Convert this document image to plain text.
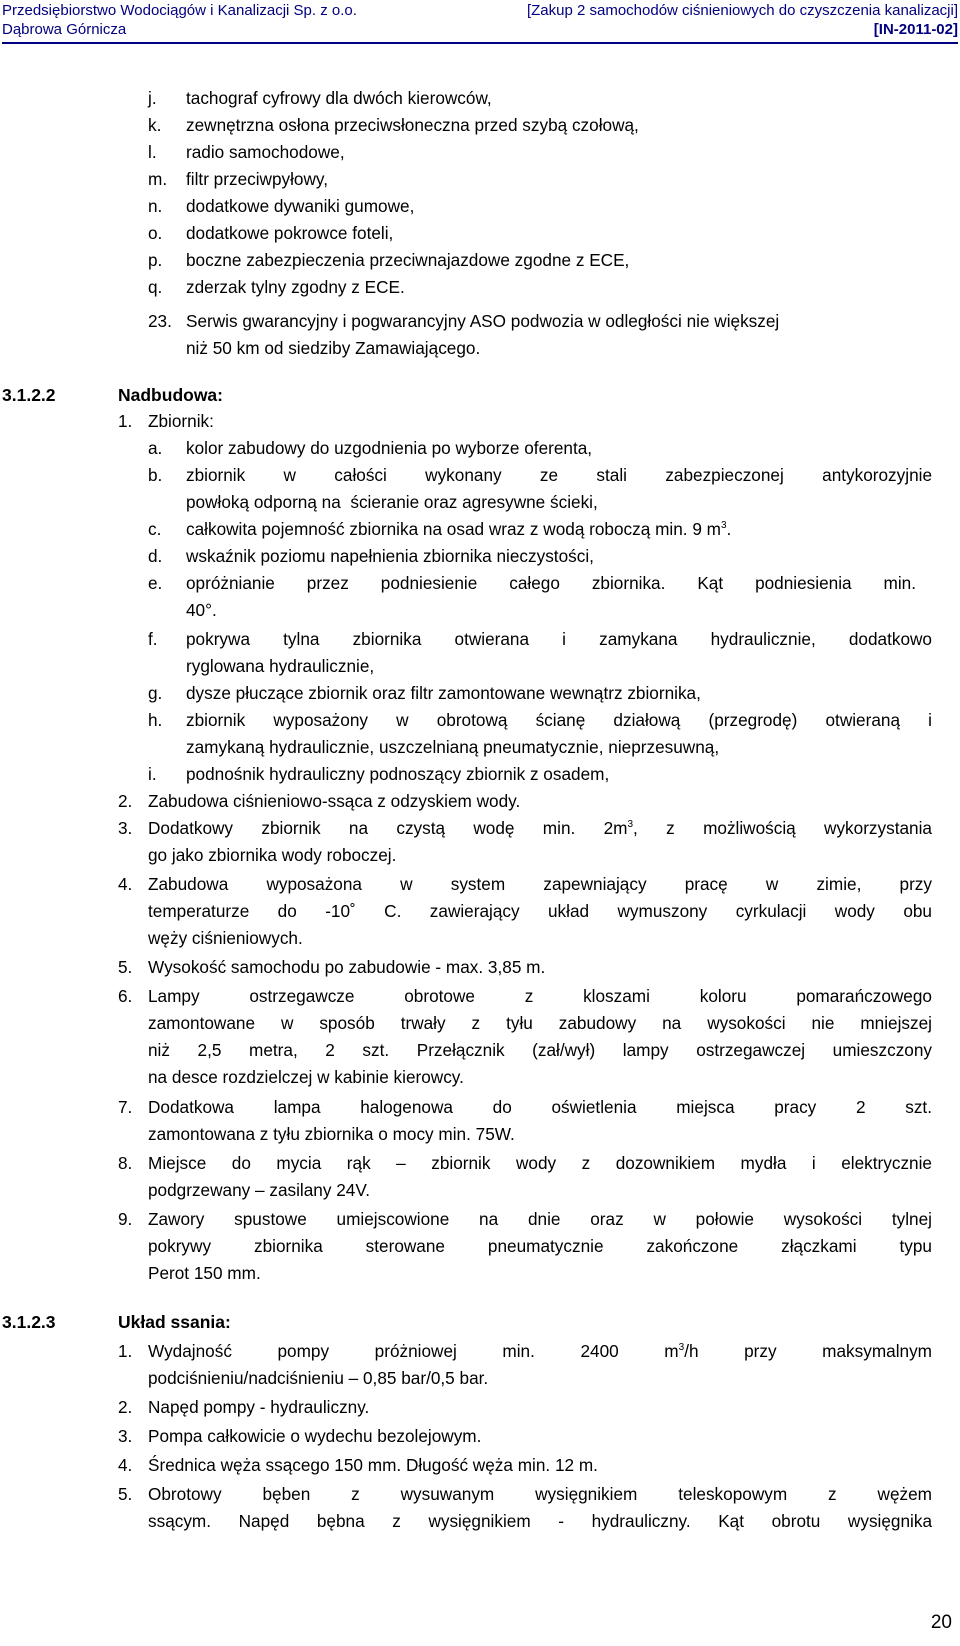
Przedsiębiorstwo Wodociągów i Kanalizacji Sp. z o.o.
Dąbrowa Górnicza
[Zakup 2 samochodów ciśnieniowych do czyszczenia kanalizacji]
[IN-2011-02]
j. tachograf cyfrowy dla dwóch kierowców,
k. zewnętrzna osłona przeciwsłoneczna przed szybą czołową,
l. radio samochodowe,
m. filtr przeciwpyłowy,
n. dodatkowe dywaniki gumowe,
o. dodatkowe pokrowce foteli,
p. boczne zabezpieczenia przeciwnajazdowe zgodne z ECE,
q. zderzak tylny zgodny z ECE.
23. Serwis gwarancyjny i pogwarancyjny ASO podwozia w odległości nie większej
niż 50 km od siedziby Zamawiającego.
3.1.2.2	Nadbudowa:
1. Zbiornik:
a. kolor zabudowy do uzgodnienia po wyborze oferenta,
b. zbiornik w całości wykonany ze stali zabezpieczonej antykorozyjnie
powłoką odporną na  ścieranie oraz agresywne ścieki,
c. całkowita pojemność zbiornika na osad wraz z wodą roboczą min. 9 $m^3$.
d. wskaźnik poziomu napełnienia zbiornika nieczystości,
e. opróżnianie przez podniesienie całego zbiornika. Kąt podniesienia min.
40°.
f. pokrywa tylna zbiornika otwierana i zamykana hydraulicznie, dodatkowo
ryglowana hydraulicznie,
g. dysze płuczące zbiornik oraz filtr zamontowane wewnątrz zbiornika,
h. zbiornik wyposażony w obrotową ścianę działową (przegrodę) otwieraną i
zamykaną hydraulicznie, uszczelnianą pneumatycznie, nieprzesuwną,
i. podnośnik hydrauliczny podnoszący zbiornik z osadem,
2. Zabudowa ciśnieniowo-ssąca z odzyskiem wody.
3. Dodatkowy zbiornik na czystą wodę min. $2m^3$, z możliwością wykorzystania
go jako zbiornika wody roboczej.
4. Zabudowa wyposażona w system zapewniający pracę w zimie, przy
temperaturze do -10˚ C. zawierający układ wymuszony cyrkulacji wody obu
węży ciśnieniowych.
5. Wysokość samochodu po zabudowie - max. 3,85 m.
6. Lampy ostrzegawcze obrotowe z kloszami koloru pomarańczowego
zamontowane w sposób trwały z tyłu zabudowy na wysokości nie mniejszej
niż 2,5 metra, 2 szt. Przełącznik (zał/wył) lampy ostrzegawczej umieszczony
na desce rozdzielczej w kabinie kierowcy.
7. Dodatkowa lampa halogenowa do oświetlenia miejsca pracy 2 szt.
zamontowana z tyłu zbiornika o mocy min. 75W.
8. Miejsce do mycia rąk – zbiornik wody z dozownikiem mydła i elektrycznie
podgrzewany – zasilany 24V.
9. Zawory spustowe umiejscowione na dnie oraz w połowie wysokości tylnej
pokrywy zbiornika sterowane pneumatycznie zakończone złączkami typu
Perot 150 mm.
3.1.2.3	Układ ssania:
1. Wydajność pompy próżniowej min. 2400 $m^3/h$ przy maksymalnym
podciśnieniu/nadciśnieniu – 0,85 bar/0,5 bar.
2. Napęd pompy - hydrauliczny.
3. Pompa całkowicie o wydechu bezolejowym.
4. Średnica węża ssącego 150 mm. Długość węża min. 12 m.
5. Obrotowy bęben z wysuwanym wysięgnikiem teleskopowym z wężem
ssącym. Napęd bębna z wysięgnikiem - hydrauliczny. Kąt obrotu wysięgnika
20
